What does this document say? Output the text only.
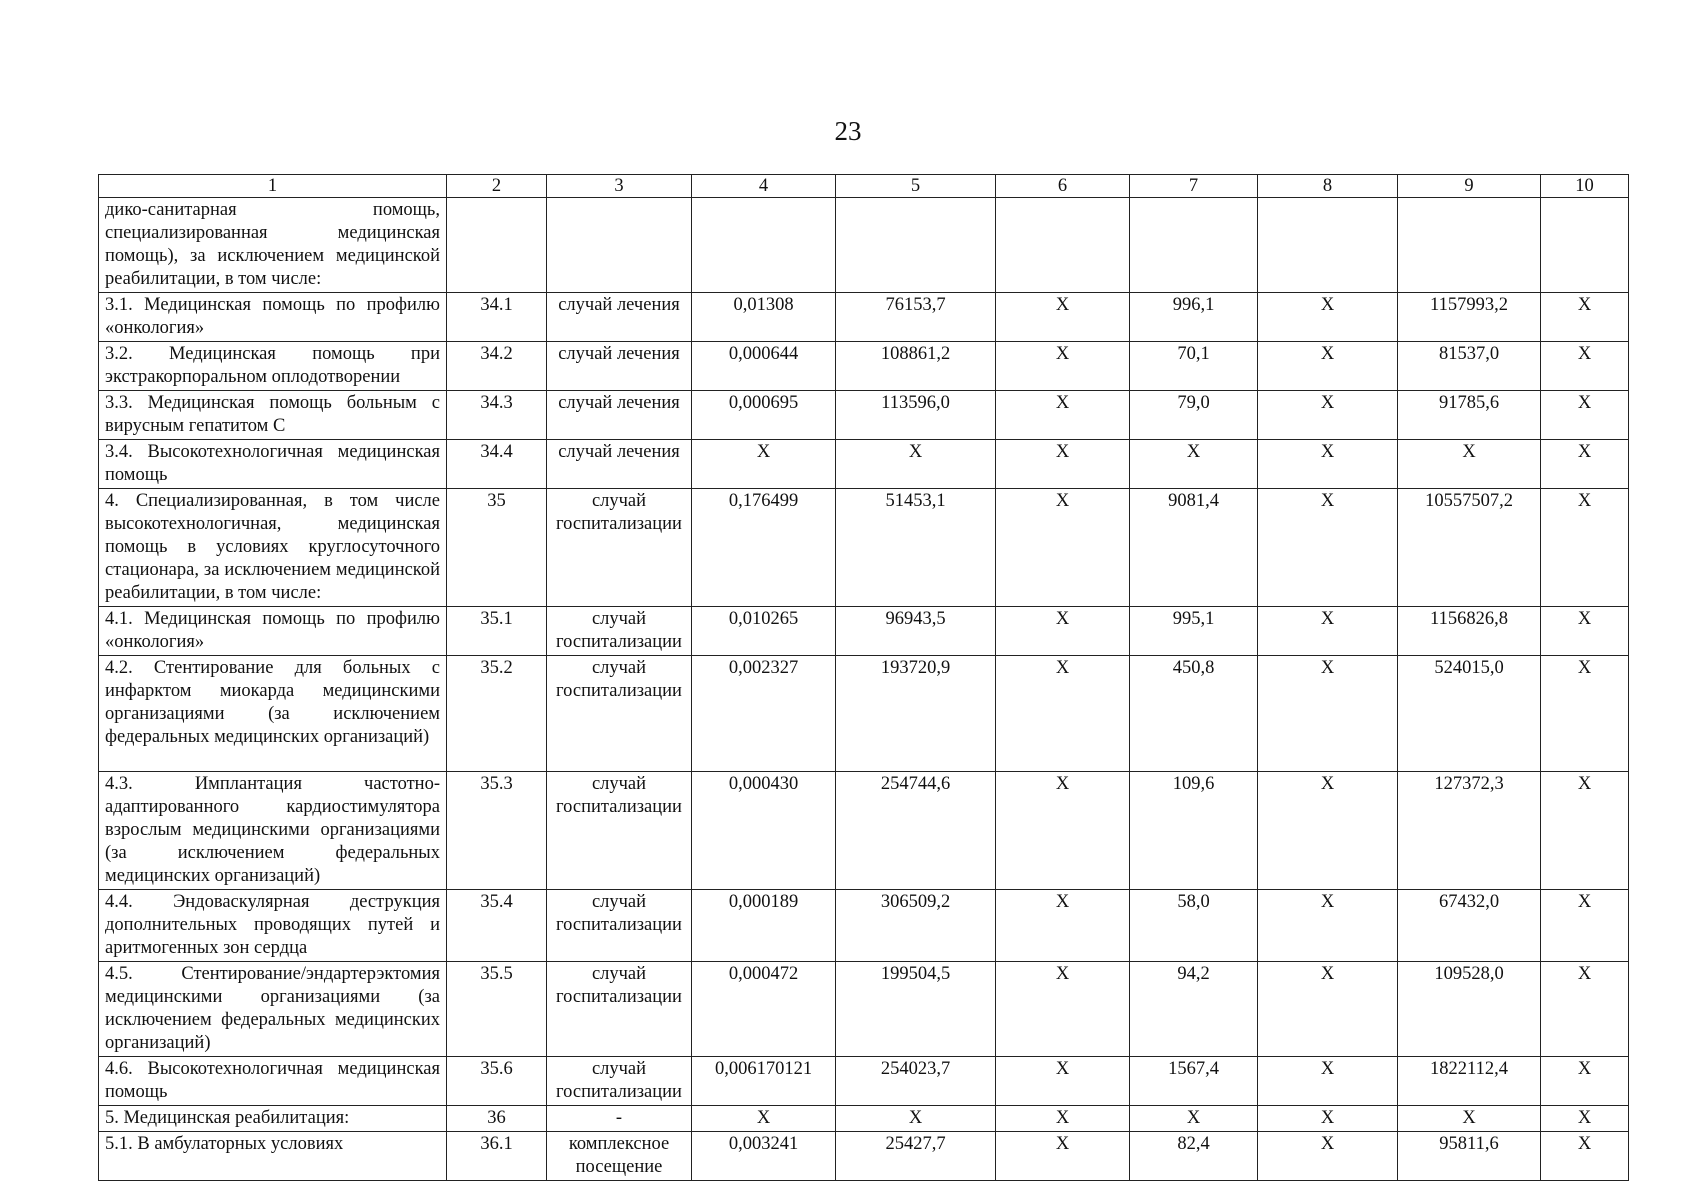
23
1	2	3	4	5	6	7	8	9	10
дико-санитарная помощь, специализированная медицинская помощь), за исключением медицинской реабилитации, в том числе:									
3.1. Медицинская помощь по профилю «онкология»	34.1	случай лечения	0,01308	76153,7	X	996,1	X	1157993,2	X
3.2. Медицинская помощь при экстракорпоральном оплодотворении	34.2	случай лечения	0,000644	108861,2	X	70,1	X	81537,0	X
3.3. Медицинская помощь больным с вирусным гепатитом С	34.3	случай лечения	0,000695	113596,0	X	79,0	X	91785,6	X
3.4. Высокотехнологичная медицинская помощь	34.4	случай лечения	X	X	X	X	X	X	X
4. Специализированная, в том числе высокотехнологичная, медицинская помощь в условиях круглосуточного стационара, за исключением медицинской реабилитации, в том числе:	35	случай госпитализации	0,176499	51453,1	X	9081,4	X	10557507,2	X
4.1. Медицинская помощь по профилю «онкология»	35.1	случай госпитализации	0,010265	96943,5	X	995,1	X	1156826,8	X
4.2. Стентирование для больных с инфарктом миокарда медицинскими организациями (за исключением федеральных медицинских организаций)	35.2	случай госпитализации	0,002327	193720,9	X	450,8	X	524015,0	X
4.3. Имплантация частотно-адаптированного кардиостимулятора взрослым медицинскими организациями (за исключением федеральных медицинских организаций)	35.3	случай госпитализации	0,000430	254744,6	X	109,6	X	127372,3	X
4.4. Эндоваскулярная деструкция дополнительных проводящих путей и аритмогенных зон сердца	35.4	случай госпитализации	0,000189	306509,2	X	58,0	X	67432,0	X
4.5. Стентирование/эндартерэктомия медицинскими организациями (за исключением федеральных медицинских организаций)	35.5	случай госпитализации	0,000472	199504,5	X	94,2	X	109528,0	X
4.6. Высокотехнологичная медицинская помощь	35.6	случай госпитализации	0,006170121	254023,7	X	1567,4	X	1822112,4	X
5. Медицинская реабилитация:	36	-	X	X	X	X	X	X	X
5.1. В амбулаторных условиях	36.1	комплексное посещение	0,003241	25427,7	X	82,4	X	95811,6	X
